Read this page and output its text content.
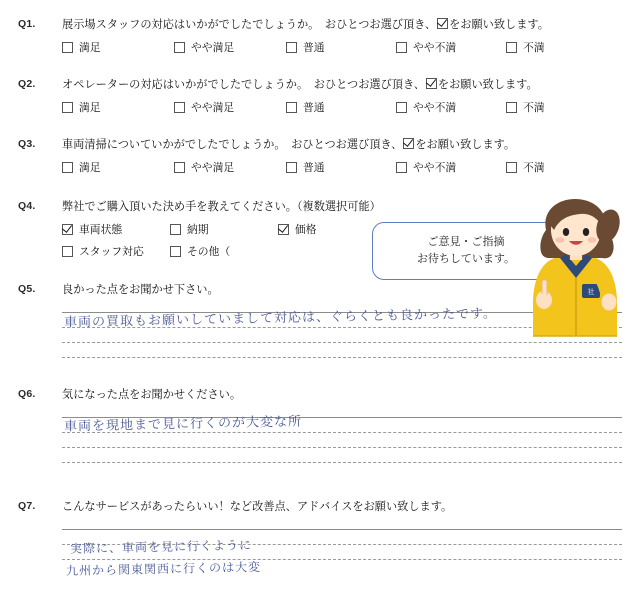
Q1.	展示場スタッフの対応はいかがでしたでしょうか。　おひとつお選び頂き、 をお願い致します。
満足	やや満足	普通	やや不満	不満
Q2.	オペレーターの対応はいかがでしたでしょうか。　おひとつお選び頂き、 をお願い致します。
満足	やや満足	普通	やや不満	不満
Q3.	車両清掃についていかがでしたでしょうか。　おひとつお選び頂き、 をお願い致します。
満足	やや満足	普通	やや不満	不満
Q4.	弊社でご購入頂いた決め手を教えてください。（複数選択可能）
車両状態	納期	価格
スタッフ対応	その他（
Q5.	良かった点をお聞かせ下さい。
車両の買取もお願いしていまして対応は、ぐらくとも良かったです。
Q6.	気になった点をお聞かせください。
車両を現地まで見に行くのが大変な所
Q7.	こんなサービスがあったらいい！など改善点、アドバイスをお願い致します。
実際に、車両を見に行くように
九州から関東関西に行くのは大変
ご意見・ご指摘
お待ちしています。
社
